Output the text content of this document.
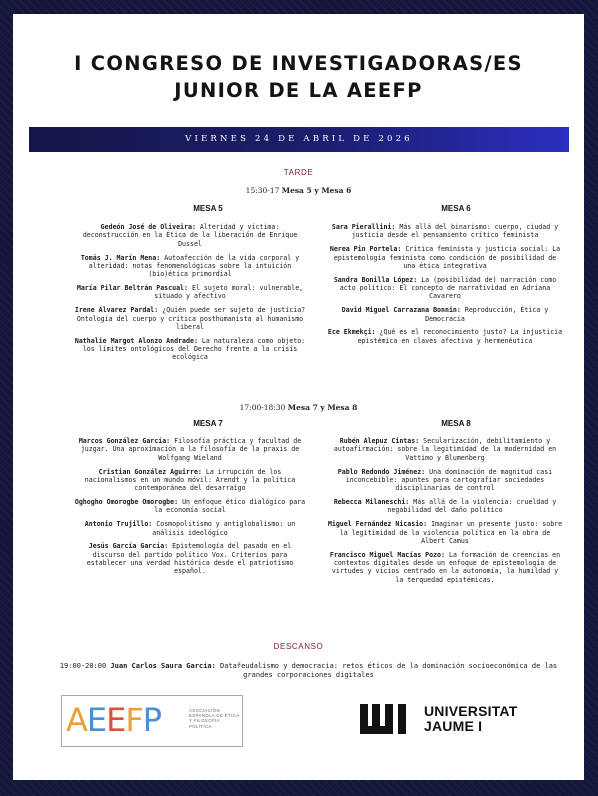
I CONGRESO DE INVESTIGADORAS/ES
JUNIOR DE LA AEEFP
VIERNES 24 DE ABRIL DE 2026
TARDE
15:30-17 Mesa 5 y Mesa 6
MESA 5	MESA 6
Gedeón José de Oliveira: Alteridad y víctima: deconstrucción en la Ética de la liberación de Enrique Dussel
Tomás J. Marín Mena: Autoafección de la vida corporal y alteridad: notas fenomenológicas sobre la intuición (bio)ética primordial
María Pilar Beltrán Pascual: El sujeto moral: vulnerable, situado y afectivo
Irene Álvarez Pardal: ¿Quién puede ser sujeto de justicia? Ontología del cuerpo y crítica posthumanista al humanismo liberal
Nathalie Margot Alonzo Andrade: La naturaleza como objeto: los límites ontológicos del Derecho frente a la crisis ecológica
Sara Pierallini: Más allá del binarismo: cuerpo, ciudad y justicia desde el pensamiento crítico feminista
Nerea Pin Portela: Crítica feminista y justicia social: La epistemología feminista como condición de posibilidad de una ética integrativa
Sandra Bonilla López: La (posibilidad de) narración como acto político: El concepto de narratividad en Adriana Cavarero
David Miguel Carrazana Bonnin: Reproducción, Ética y Democracia
Ece Ekmekçi: ¿Qué es el reconocimiento justo? La injusticia epistémica en claves afectiva y hermenéutica
17:00-18:30 Mesa 7 y Mesa 8
MESA 7	MESA 8
Marcos González García: Filosofía práctica y facultad de juzgar. Una aproximación a la filosofía de la praxis de Wolfgang Wieland
Cristian González Aguirre: La irrupción de los nacionalismos en un mundo móvil: Arendt y la política contemporánea del desarraigo
Oghogho Omorogbe Omorogbe: Un enfoque ético dialógico para la economía social
Antonio Trujillo: Cosmopolitismo y antiglobalismo: un análisis ideológico
Jesús García García: Epistemología del pasado en el discurso del partido político Vox. Criterios para establecer una verdad histórica desde el patriotismo español.
Rubén Alepuz Cintas: Secularización, debilitamiento y autoafirmación: sobre la legitimidad de la modernidad en Vattimo y Blumenberg
Pablo Redondo Jiménez: Una dominación de magnitud casi inconcebible: apuntes para cartografiar sociedades disciplinarias de control
Rebecca Milaneschi: Más allá de la violencia: crueldad y negabilidad del daño político
Miguel Fernández Nicasio: Imaginar un presente justo: sobre la legitimidad de la violencia política en la obra de Albert Camus
Francisco Miguel Macías Pozo: La formación de creencias en contextos digitales desde un enfoque de epistemología de virtudes y vicios centrado en la autonomía, la humildad y la terquedad epistémicas.
DESCANSO
19:00-20:00 Juan Carlos Saura García: Datafeudalismo y democracia: retos éticos de la dominación socioeconómica de las grandes corporaciones digitales
AEEFP	ASOCIACIÓN ESPAÑOLA DE ÉTICA Y FILOSOFÍA POLÍTICA
UNIVERSITAT
JAUME I
